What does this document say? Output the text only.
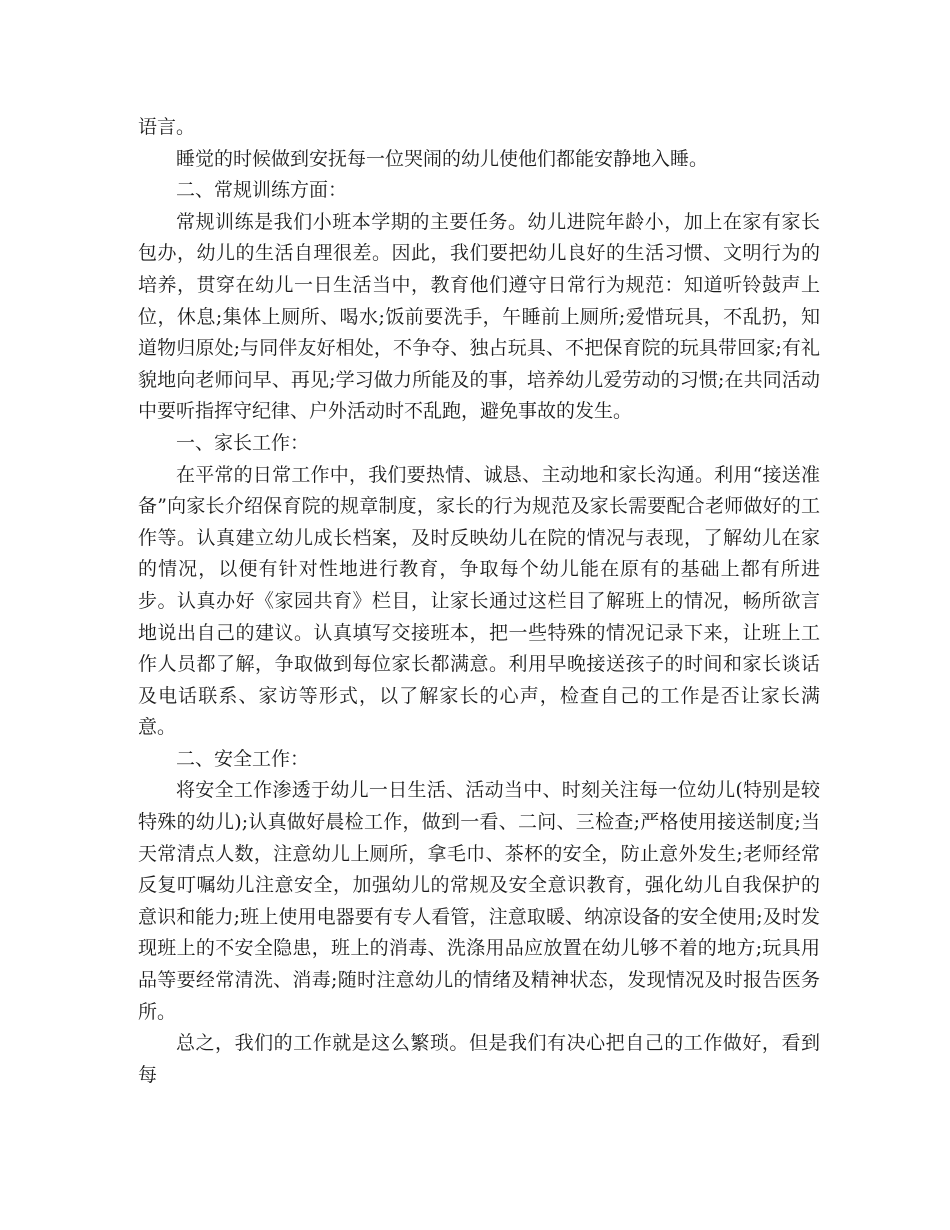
语言。

睡觉的时候做到安抚每一位哭闹的幼儿使他们都能安静地入睡。

二、常规训练方面：

常规训练是我们小班本学期的主要任务。幼儿进院年龄小，加上在家有家长包办，幼儿的生活自理很差。因此，我们要把幼儿良好的生活习惯、文明行为的培养，贯穿在幼儿一日生活当中，教育他们遵守日常行为规范：知道听铃鼓声上位，休息;集体上厕所、喝水;饭前要洗手，午睡前上厕所;爱惜玩具，不乱扔，知道物归原处;与同伴友好相处，不争夺、独占玩具、不把保育院的玩具带回家;有礼貌地向老师问早、再见;学习做力所能及的事，培养幼儿爱劳动的习惯;在共同活动中要听指挥守纪律、户外活动时不乱跑，避免事故的发生。

一、家长工作：

在平常的日常工作中，我们要热情、诚恳、主动地和家长沟通。利用“接送准备”向家长介绍保育院的规章制度，家长的行为规范及家长需要配合老师做好的工作等。认真建立幼儿成长档案，及时反映幼儿在院的情况与表现，了解幼儿在家的情况，以便有针对性地进行教育，争取每个幼儿能在原有的基础上都有所进步。认真办好《家园共育》栏目，让家长通过这栏目了解班上的情况，畅所欲言地说出自己的建议。认真填写交接班本，把一些特殊的情况记录下来，让班上工作人员都了解，争取做到每位家长都满意。利用早晚接送孩子的时间和家长谈话及电话联系、家访等形式，以了解家长的心声，检查自己的工作是否让家长满意。

二、安全工作：

将安全工作渗透于幼儿一日生活、活动当中、时刻关注每一位幼儿(特别是较特殊的幼儿);认真做好晨检工作，做到一看、二问、三检查;严格使用接送制度;当天常清点人数，注意幼儿上厕所，拿毛巾、茶杯的安全，防止意外发生;老师经常反复叮嘱幼儿注意安全，加强幼儿的常规及安全意识教育，强化幼儿自我保护的意识和能力;班上使用电器要有专人看管，注意取暖、纳凉设备的安全使用;及时发现班上的不安全隐患，班上的消毒、洗涤用品应放置在幼儿够不着的地方;玩具用品等要经常清洗、消毒;随时注意幼儿的情绪及精神状态，发现情况及时报告医务所。

总之，我们的工作就是这么繁琐。但是我们有决心把自己的工作做好，看到每
